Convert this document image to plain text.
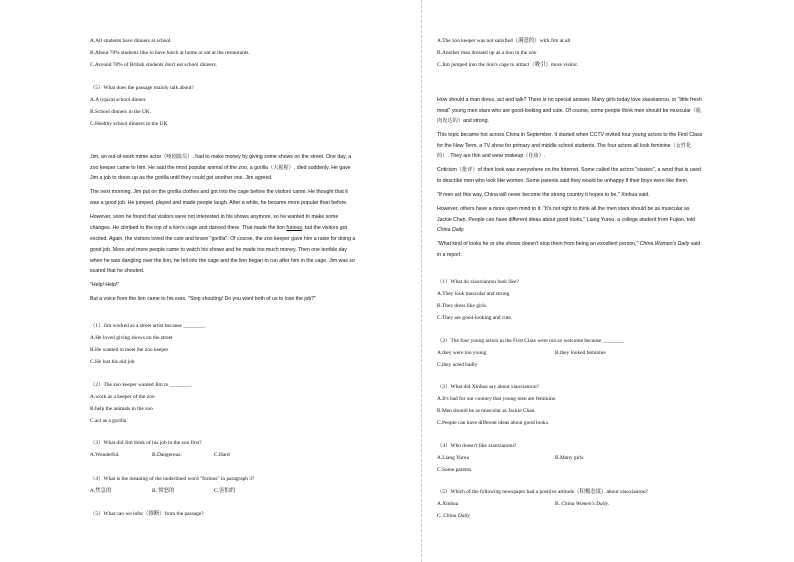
A.All students have dinners at school.
B.About 70% students like to have lunch at home or eat at the restaurants.
C.Around 70% of British students don't eat school dinners.
（5）What does the passage mainly talk about?
A.A typical school dinner.
B.School dinners in the UK.
C.Healthy school dinners in the UK.
Jim, an out-of-work mime actor（哑剧演员）, had to make money by giving some shows on the street. One day, a
zoo keeper came to him. He said the most popular animal of the zoo, a gorilla（大猩猩）, died suddenly. He gave
Jim a job to dress up as the gorilla until they could get another one. Jim agreed.
The next morning, Jim put on the gorilla clothes and got into the cage before the visitors came. He thought that it
was a good job. He jumped, played and made people laugh. After a while, he became more popular than before.
However, soon he found that visitors were not interested in his shows anymore, so he wanted to make some
changes. He climbed to the top of a lion's cage and danced there. That made the lion furious, but the visitors got
excited. Again, the visitors loved the cute and brave "gorilla". Of course, the zoo keeper gave him a raise for doing a
good job. More and more people came to watch his shows and he made too much money. Then one terrible day
when he was dangling over the lion, he fell into the cage and the lion began to run after him in the cage. Jim was so
scared that he shouted.
"Help! Help!"
But a voice from the lion came to his ears, "Stop shouting! Do you want both of us to lose the job?"
（1）Jim worked as a street artist because ________.
A.He loved giving shows on the street
B.He wanted to meet the zoo keeper
C.He lost his old job
（2）The zoo keeper wanted Jim to ________.
A.work as a keeper of the zoo
B.help the animals in the zoo
C.act as a gorilla
（3）What did Jim think of his job in the zoo first?
A.Wonderful.	B.Dangerous.	C.Hard
（4）What is the meaning of the underlined word "furious" in paragraph 3?
A.焦急的	B. 愤怒的	C.害怕的
（5）What can we infer（推断）from the passage?
A.The zoo keeper was not satisfied（满意的）with Jim at all
B.Another man dressed up as a lion in the zoo
C.Jim jumped into the lion's cage to attract（吸引）more visitor.
How should a man dress, act and talk? There is no special answer. Many girls today love xiaoxianrou, or "little fresh
meat" young men stars who are good-looking and cute. Of course, some people think men should be muscular（肌
肉发达的）and strong.
This topic became hot across China in September. It started when CCTV invited four young actors to the First Class
for the New Term, a TV show for primary and middle school students. The four actors all look feminine（女性化
的）. They are thin and wear makeup（化妆）.
Criticism（批评）of their look was everywhere on the Internet. Some called the actors "sissies", a word that is used
to describe men who look like women. Some parents said they would be unhappy if their boys were like them.
"If men act this way, China will never become the strong country it hopes to be," Xinhua said.
However, others have a more open mind to it. "It's not right to think all the men stars should be as muscular as
Jackie Chan. People can have different ideas about good looks," Liang Yurou, a college student from Fujian, told
China Daily.
"What kind of looks he or she shows doesn't stop them from being an excellent person," China Women's Daily said
in a report.
（1）What do xiaoxianrou look like?
A.They look muscular and strong
B.They dress like girls.
C.They are good-looking and cute.
（2）The four young actors in the First Class were not so welcome because ________
A.they were too young	B.they looked feminine
C.they acted badly
（3）What did Xinhua say about xiaoxianrou?
A.It's bad for our country that young men are feminine.
B.Men should be as muscular as Jackie Chan.
C.People can have different ideas about good looks.
（4）Who doesn't like xiaoxianrou?
A.Liang Yurou	B.Many girls
C.Some parents.
（5）Which of the following newspaper had a positive attitude（积极态度）about xiaoxianrou?
A.Xinhua	B. China Women's Daily.
C. China Daily
